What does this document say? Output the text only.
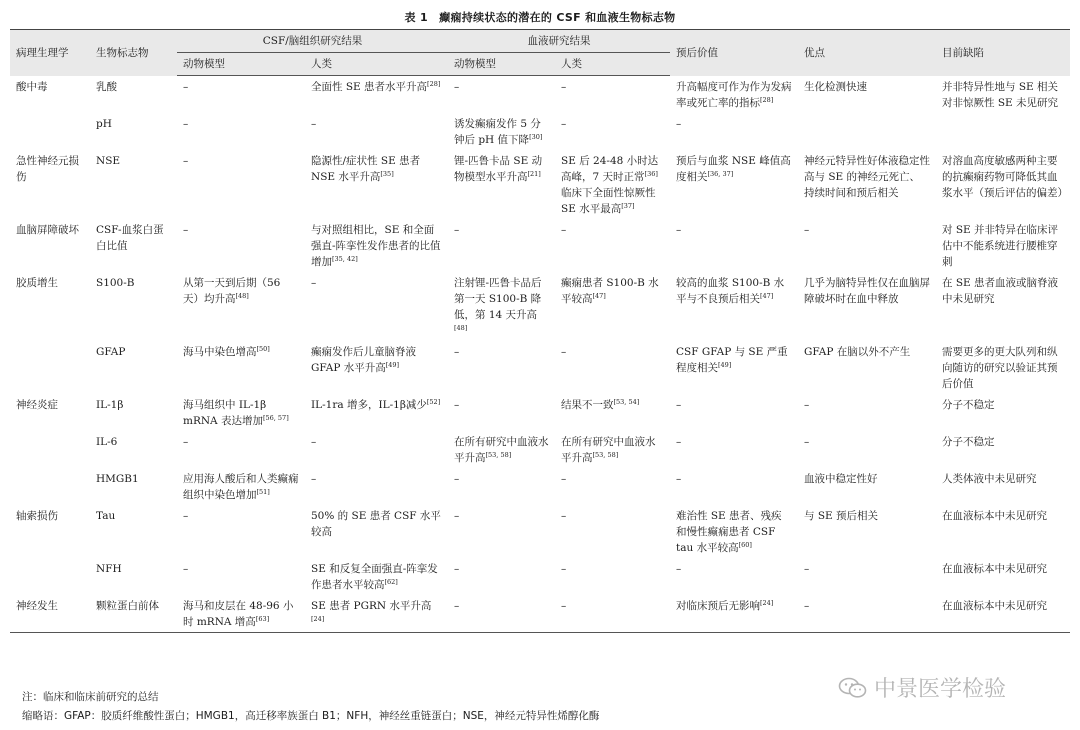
表 1　癫痫持续状态的潜在的 CSF 和血液生物标志物
病理生理学	生物标志物	CSF/脑组织研究结果		血液研究结果		预后价值	优点	目前缺陷
		动物模型	人类	动物模型	人类			
酸中毒	乳酸	–	全面性 SE 患者水平升高[28]	–	–	升高幅度可作为作为发病率或死亡率的指标[28]	生化检测快速	并非特异性地与 SE 相关对非惊厥性 SE 未见研究
	pH	–	–	诱发癫痫发作 5 分钟后 pH 值下降[30]	–	–		
急性神经元损伤	NSE	–	隐源性/症状性 SE 患者 NSE 水平升高[35]	锂-匹鲁卡品 SE 动物模型水平升高[21]	SE 后 24-48 小时达高峰，7 天时正常[36]临床下全面性惊厥性 SE 水平最高[37]	预后与血浆 NSE 峰值高度相关[36, 37]	神经元特异性好体液稳定性高与 SE 的神经元死亡、持续时间和预后相关	对溶血高度敏感两种主要的抗癫痫药物可降低其血浆水平（预后评估的偏差）
血脑屏障破坏	CSF-血浆白蛋白比值	–	与对照组相比，SE 和全面强直-阵挛性发作患者的比值增加[35, 42]	–	–	–	–	对 SE 并非特异在临床评估中不能系统进行腰椎穿刺
胶质增生	S100-B	从第一天到后期（56 天）均升高[48]	–	注射锂-匹鲁卡品后第一天 S100-B 降低，第 14 天升高[48]	癫痫患者 S100-B 水平较高[47]	较高的血浆 S100-B 水平与不良预后相关[47]	几乎为脑特异性仅在血脑屏障破坏时在血中释放	在 SE 患者血液或脑脊液中未见研究
	GFAP	海马中染色增高[50]	癫痫发作后儿童脑脊液 GFAP 水平升高[49]	–	–	CSF GFAP 与 SE 严重程度相关[49]	GFAP 在脑以外不产生	需要更多的更大队列和纵向随访的研究以验证其预后价值
神经炎症	IL-1β	海马组织中 IL-1β mRNA 表达增加[56, 57]	IL-1ra 增多，IL-1β减少[52]	–	结果不一致[53, 54]	–	–	分子不稳定
	IL-6	–	–	在所有研究中血液水平升高[53, 58]	在所有研究中血液水平升高[53, 58]	–	–	分子不稳定
	HMGB1	应用海人酸后和人类癫痫组织中染色增加[51]	–	–	–	–	血液中稳定性好	人类体液中未见研究
轴索损伤	Tau	–	50% 的 SE 患者 CSF 水平较高	–	–	难治性 SE 患者、残疾和慢性癫痫患者 CSF tau 水平较高[60]	与 SE 预后相关	在血液标本中未见研究
	NFH	–	SE 和反复全面强直-阵挛发作患者水平较高[62]	–	–	–	–	在血液标本中未见研究
神经发生	颗粒蛋白前体	海马和皮层在 48-96 小时 mRNA 增高[63]	SE 患者 PGRN 水平升高[24]	–	–	对临床预后无影响[24]	–	在血液标本中未见研究
注：临床和临床前研究的总结
缩略语：GFAP：胶质纤维酸性蛋白；HMGB1，高迁移率族蛋白 B1；NFH，神经丝重链蛋白；NSE，神经元特异性烯醇化酶
中景医学检验
